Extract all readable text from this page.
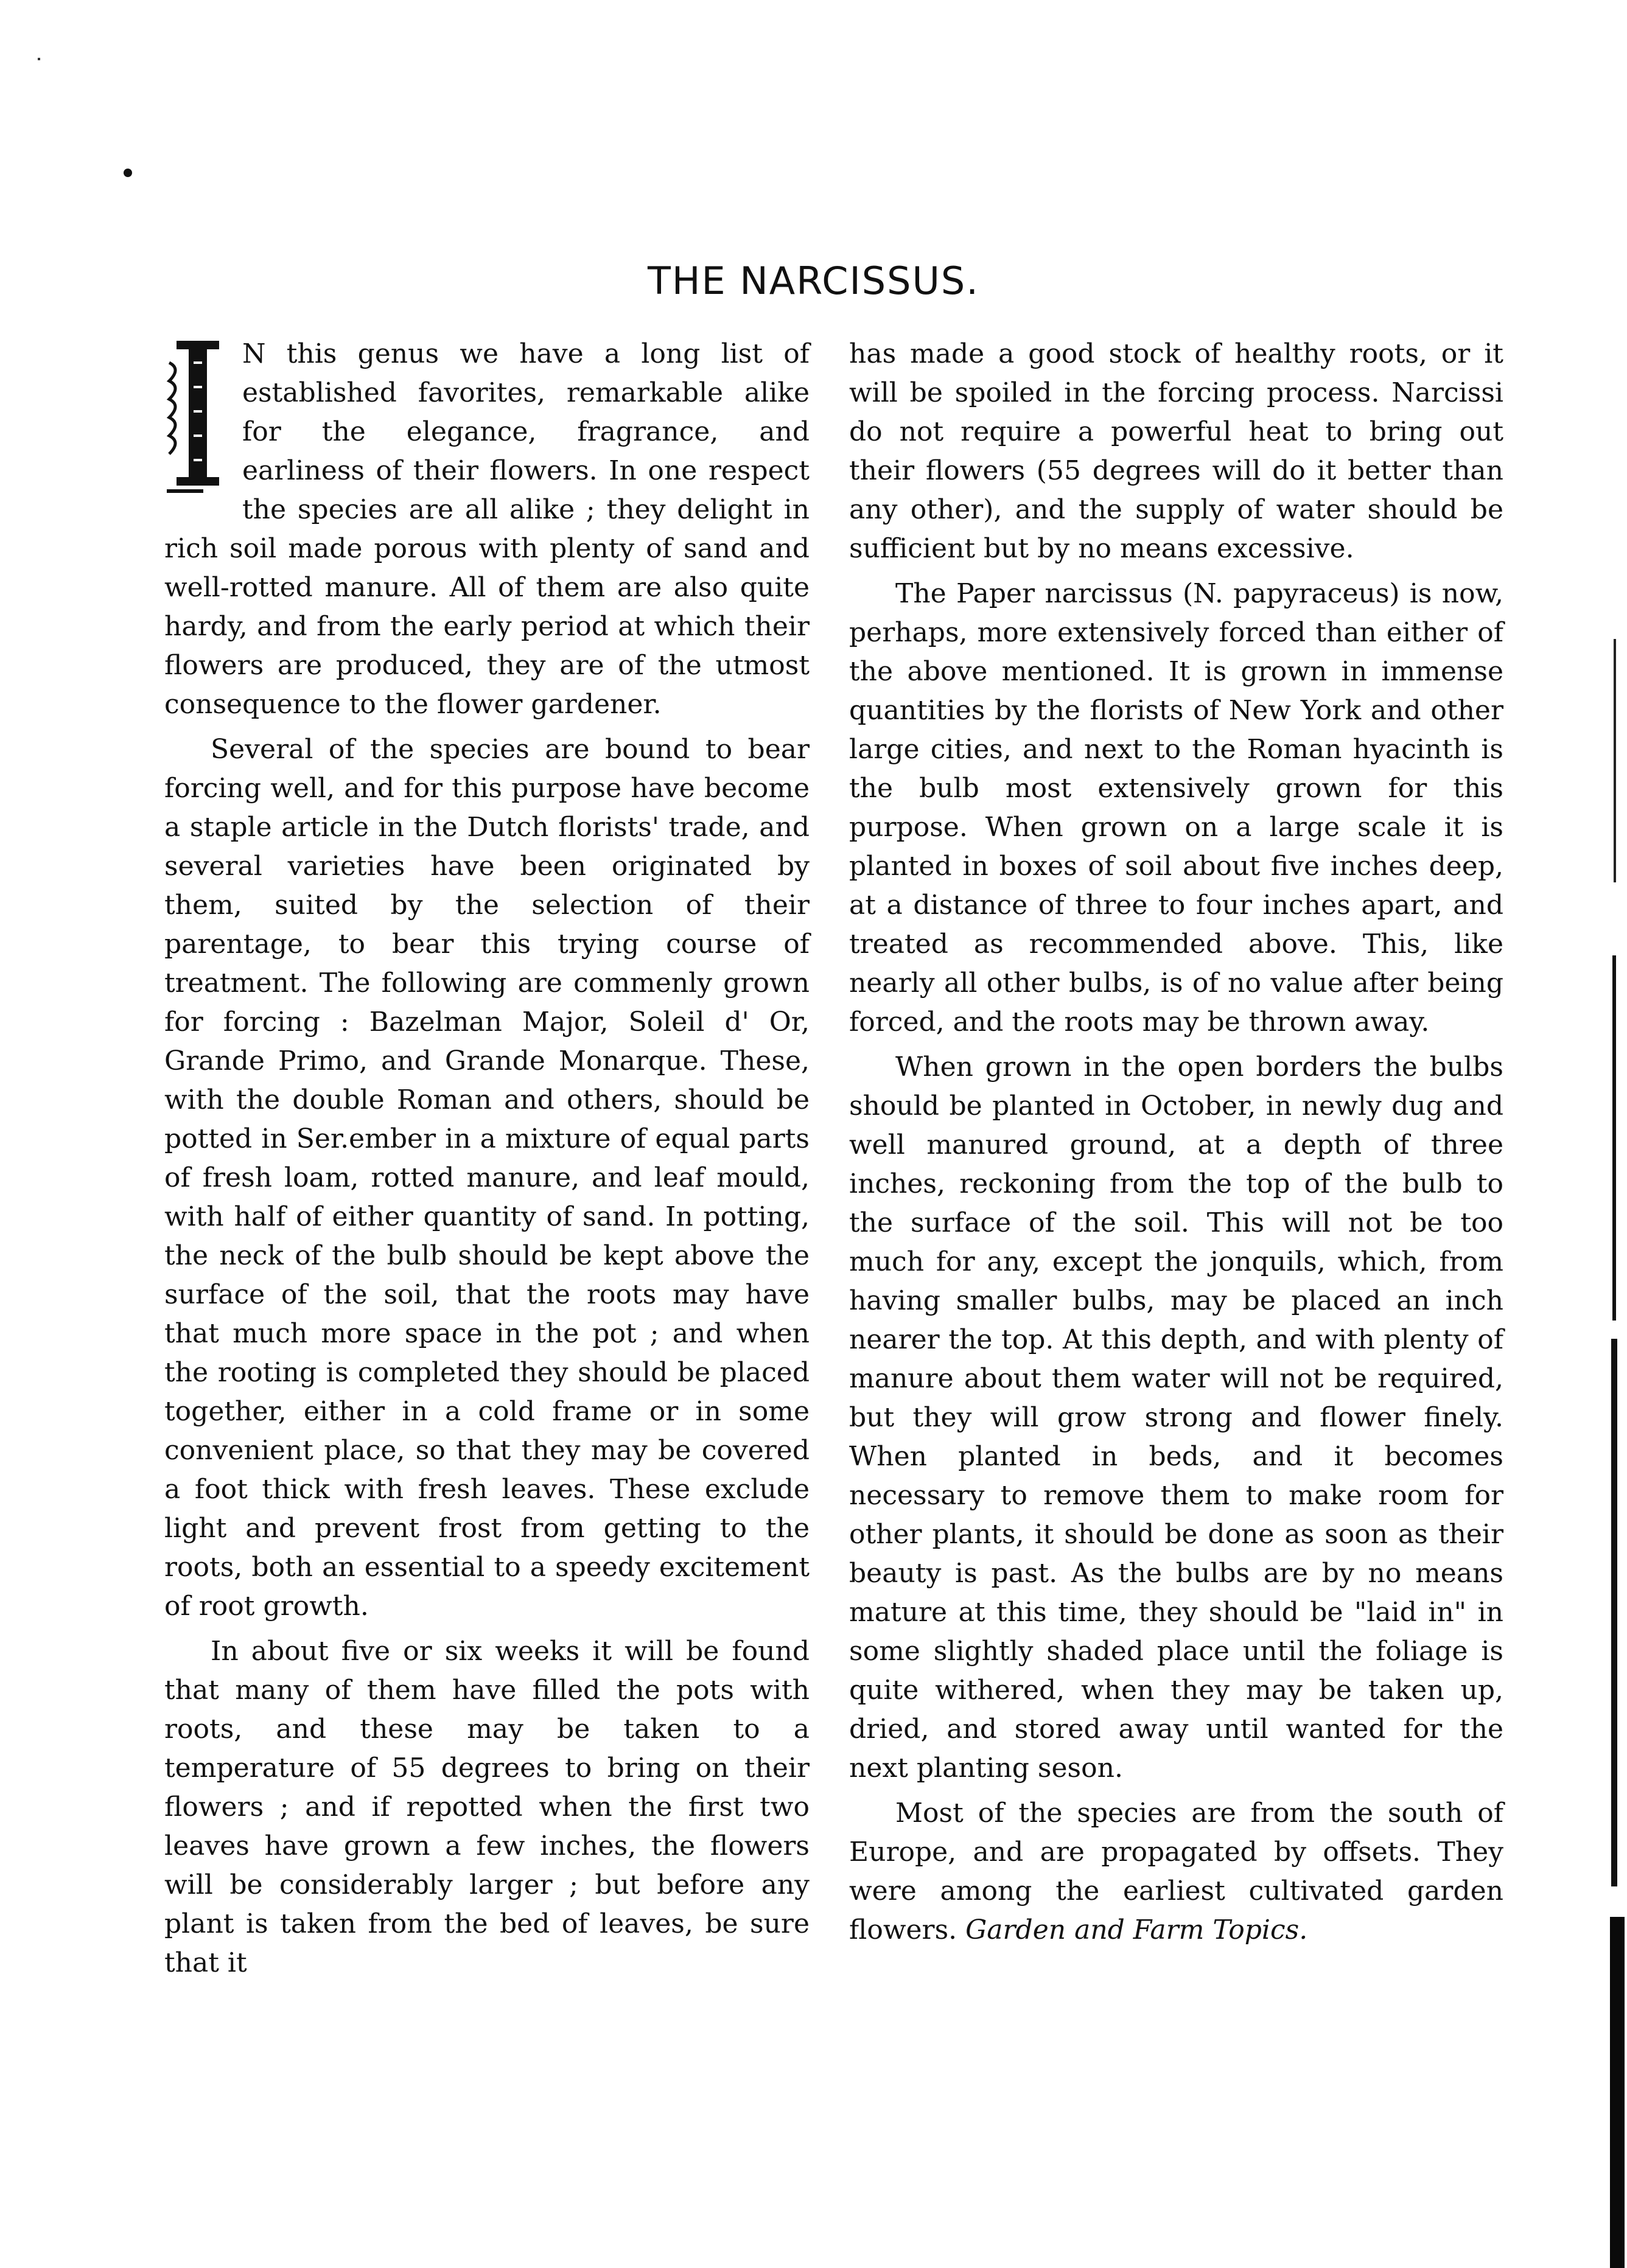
THE NARCISSUS.

N this genus we have a long list of established favorites, remarkable alike for the elegance, fragrance, and earliness of their flowers. In one respect the species are all alike ; they delight in rich soil made porous with plenty of sand and well-rotted manure. All of them are also quite hardy, and from the early period at which their flowers are produced, they are of the utmost consequence to the flower gardener.

Several of the species are bound to bear forcing well, and for this purpose have become a staple article in the Dutch florists' trade, and several varieties have been originated by them, suited by the selection of their parentage, to bear this trying course of treatment. The following are commenly grown for forcing : Bazelman Major, Soleil d' Or, Grande Primo, and Grande Monarque. These, with the double Roman and others, should be potted in Ser.ember in a mixture of equal parts of fresh loam, rotted manure, and leaf mould, with half of either quantity of sand. In potting, the neck of the bulb should be kept above the surface of the soil, that the roots may have that much more space in the pot ; and when the rooting is completed they should be placed together, either in a cold frame or in some convenient place, so that they may be covered a foot thick with fresh leaves. These exclude light and prevent frost from getting to the roots, both an essential to a speedy excitement of root growth.

In about five or six weeks it will be found that many of them have filled the pots with roots, and these may be taken to a temperature of 55 degrees to bring on their flowers ; and if repotted when the first two leaves have grown a few inches, the flowers will be considerably larger ; but before any plant is taken from the bed of leaves, be sure that it

has made a good stock of healthy roots, or it will be spoiled in the forcing process. Narcissi do not require a powerful heat to bring out their flowers (55 degrees will do it better than any other), and the supply of water should be sufficient but by no means excessive.

The Paper narcissus (N. papyraceus) is now, perhaps, more extensively forced than either of the above mentioned. It is grown in immense quantities by the florists of New York and other large cities, and next to the Roman hyacinth is the bulb most extensively grown for this purpose. When grown on a large scale it is planted in boxes of soil about five inches deep, at a distance of three to four inches apart, and treated as recommended above. This, like nearly all other bulbs, is of no value after being forced, and the roots may be thrown away.

When grown in the open borders the bulbs should be planted in October, in newly dug and well manured ground, at a depth of three inches, reckoning from the top of the bulb to the surface of the soil. This will not be too much for any, except the jonquils, which, from having smaller bulbs, may be placed an inch nearer the top. At this depth, and with plenty of manure about them water will not be required, but they will grow strong and flower finely. When planted in beds, and it becomes necessary to remove them to make room for other plants, it should be done as soon as their beauty is past. As the bulbs are by no means mature at this time, they should be "laid in" in some slightly shaded place until the foliage is quite withered, when they may be taken up, dried, and stored away until wanted for the next planting seson.

Most of the species are from the south of Europe, and are propagated by offsets. They were among the earliest cultivated garden flowers. Garden and Farm Topics.
